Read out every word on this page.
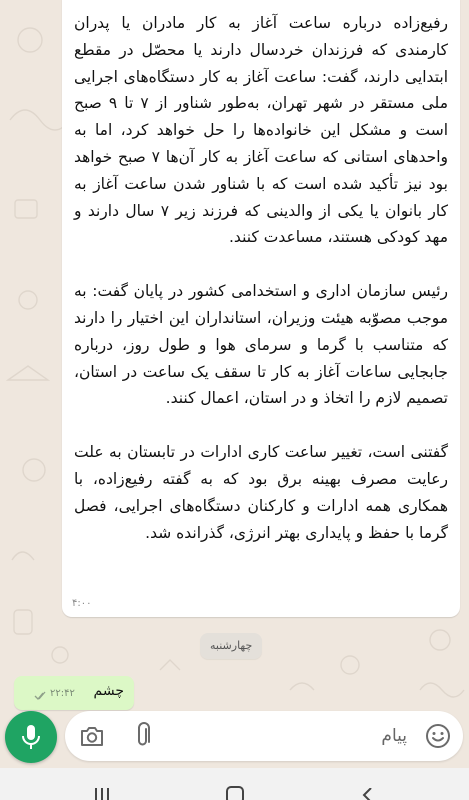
رفیع‌زاده درباره ساعت آغاز به کار مادران یا پدران کارمندی که فرزندان خردسال دارند یا محصّل در مقطع ابتدایی دارند، گفت: ساعت آغاز به کار دستگاه‌های اجرایی ملی مستقر در شهر تهران، به‌طور شناور از ۷ تا ۹ صبح است و مشکل این خانواده‌ها را حل خواهد کرد، اما به واحدهای استانی که ساعت آغاز به کار آن‌ها ۷ صبح خواهد بود نیز تأکید شده است که با شناور شدن ساعت آغاز به کار بانوان یا یکی از والدینی که فرزند زیر ۷ سال دارند و مهد کودکی هستند، مساعدت کنند.

رئیس سازمان اداری و استخدامی کشور در پایان گفت: به موجب مصوّبه هیئت وزیران، استانداران این اختیار را دارند که متناسب با گرما و سرمای هوا و طول روز، درباره جابجایی ساعات آغاز به کار تا سقف یک ساعت در استان، تصمیم لازم را اتخاذ و در استان، اعمال کنند.

گفتنی است، تغییر ساعت کاری ادارات در تابستان به علت رعایت مصرف بهینه برق بود که به گفته رفیع‌زاده، با همکاری همه ادارات و کارکنان دستگاه‌های اجرایی، فصل گرما با حفظ و پایداری بهتر انرژی، گذرانده شد.

۴:۰۰
چهارشنبه
چشم
۲۲:۴۲
پیام
